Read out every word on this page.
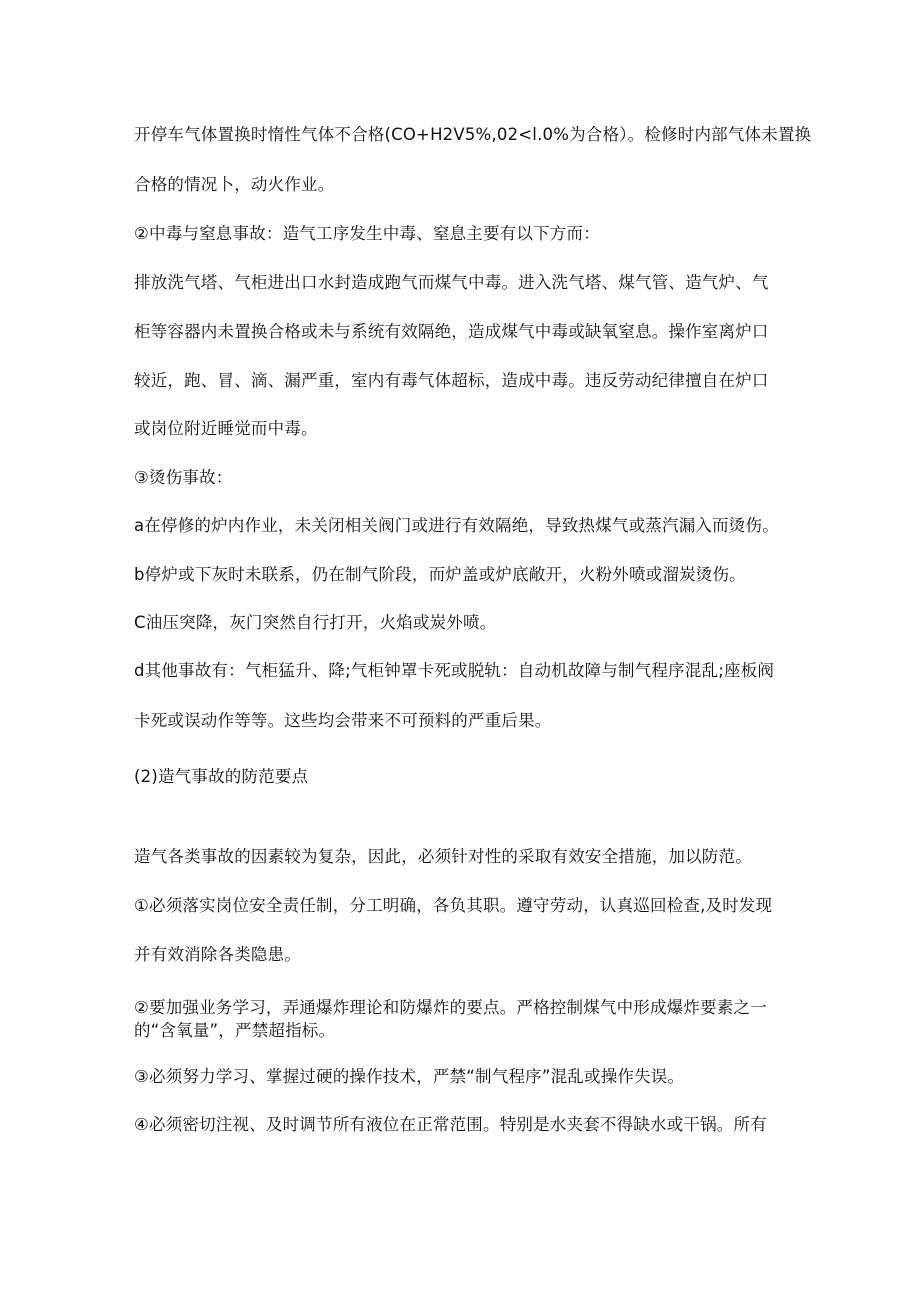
开停车气体置换时惰性气体不合格(CO+H2V5%,02<l.0%为合格）。检修时内部气体未置换
合格的情况卜，动火作业。
②中毒与窒息事故：造气工序发生中毒、窒息主要有以下方而：
排放洗气塔、气柜进出口水封造成跑气而煤气中毒。进入洗气塔、煤气管、造气炉、气
柜等容器内未置换合格或未与系统有效隔绝，造成煤气中毒或缺氧窒息。操作室离炉口
较近，跑、冒、滴、漏严重，室内有毒气体超标，造成中毒。违反劳动纪律擅自在炉口
或岗位附近睡觉而中毒。
③烫伤事故：
a在停修的炉内作业，未关闭相关阀门或进行有效隔绝，导致热煤气或蒸汽漏入而烫伤。
b停炉或下灰时未联系，仍在制气阶段，而炉盖或炉底敞开，火粉外喷或溜炭烫伤。
C油压突降，灰门突然自行打开，火焰或炭外喷。
d其他事故有：气柜猛升、降;气柜钟罩卡死或脱轨：自动机故障与制气程序混乱;座板阀
卡死或误动作等等。这些均会带来不可预料的严重后果。
(2)造气事故的防范要点
造气各类事故的因素较为复杂，因此，必须针对性的采取有效安全措施，加以防范。
①必须落实岗位安全责任制，分工明确，各负其职。遵守劳动，认真巡回检查,及时发现
并有效消除各类隐患。
②要加强业务学习，弄通爆炸理论和防爆炸的要点。严格控制煤气中形成爆炸要素之一
的“含氧量”，严禁超指标。
③必须努力学习、掌握过硬的操作技术，严禁“制气程序”混乱或操作失误。
④必须密切注视、及时调节所有液位在正常范围。特别是水夹套不得缺水或干锅。所有
